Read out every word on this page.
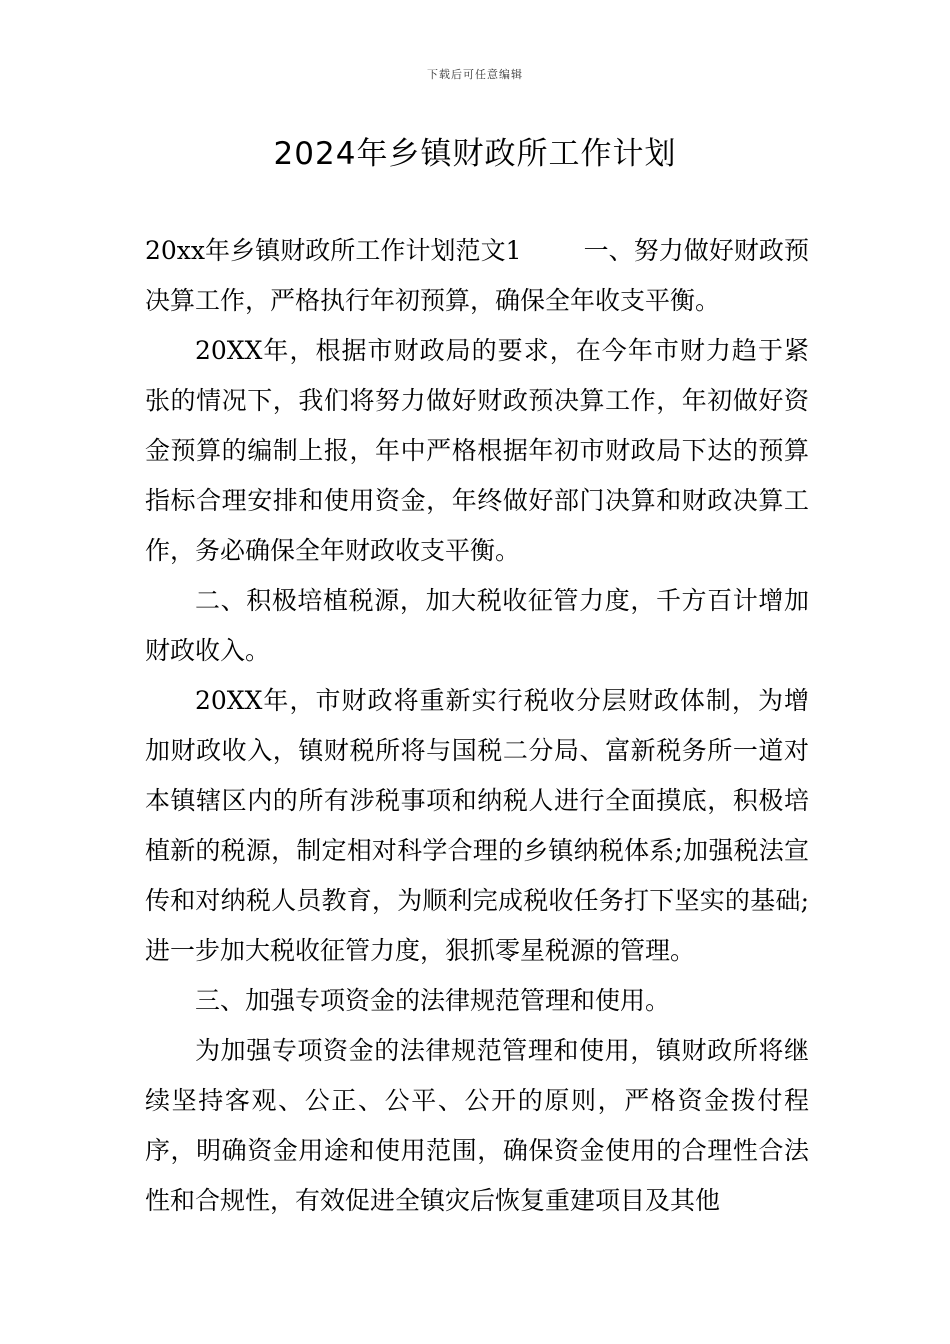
下载后可任意编辑
2024年乡镇财政所工作计划

20xx年乡镇财政所工作计划范文1 一、努力做好财政预决算工作，严格执行年初预算，确保全年收支平衡。

20XX年，根据市财政局的要求，在今年市财力趋于紧张的情况下，我们将努力做好财政预决算工作，年初做好资金预算的编制上报，年中严格根据年初市财政局下达的预算指标合理安排和使用资金，年终做好部门决算和财政决算工作，务必确保全年财政收支平衡。

二、积极培植税源，加大税收征管力度，千方百计增加财政收入。

20XX年，市财政将重新实行税收分层财政体制，为增加财政收入，镇财税所将与国税二分局、富新税务所一道对本镇辖区内的所有涉税事项和纳税人进行全面摸底，积极培植新的税源，制定相对科学合理的乡镇纳税体系;加强税法宣传和对纳税人员教育，为顺利完成税收任务打下坚实的基础;进一步加大税收征管力度，狠抓零星税源的管理。

三、加强专项资金的法律规范管理和使用。

为加强专项资金的法律规范管理和使用，镇财政所将继续坚持客观、公正、公平、公开的原则，严格资金拨付程序，明确资金用途和使用范围，确保资金使用的合理性合法性和合规性，有效促进全镇灾后恢复重建项目及其他
